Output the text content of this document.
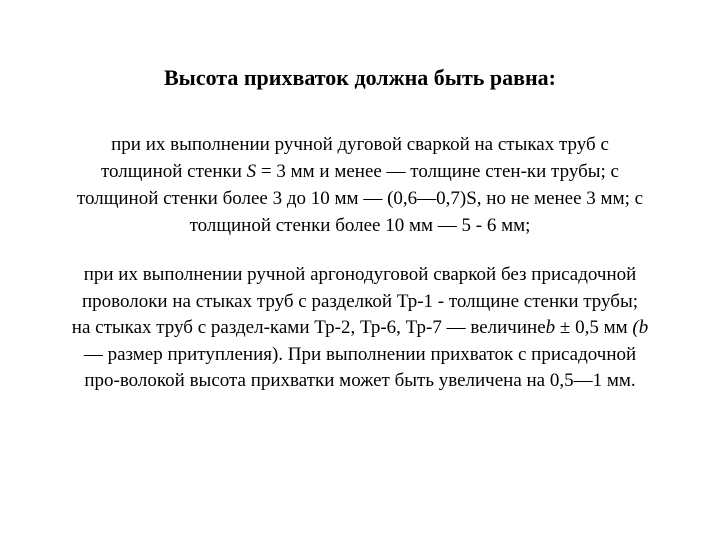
Высота прихваток должна быть равна:
при их выполнении ручной дуговой сваркой на стыках труб с
толщиной стенки S = 3 мм и менее — толщине стен-ки трубы; с
толщиной стенки более 3 до 10 мм — (0,6—0,7)S, но не менее 3 мм; с
толщиной стенки более 10 мм — 5 - 6 мм;
при их выполнении ручной аргонодуговой сваркой без присадочной
проволоки на стыках труб с разделкой Тр-1 - толщине стенки трубы;
на стыках труб с раздел-ками Тр-2, Тр-6, Тр-7 — величинеb ± 0,5 мм (b
— размер притупления). При выполнении прихваток с присадочной
про-волокой высота прихватки может быть увеличена на 0,5—1 мм.
